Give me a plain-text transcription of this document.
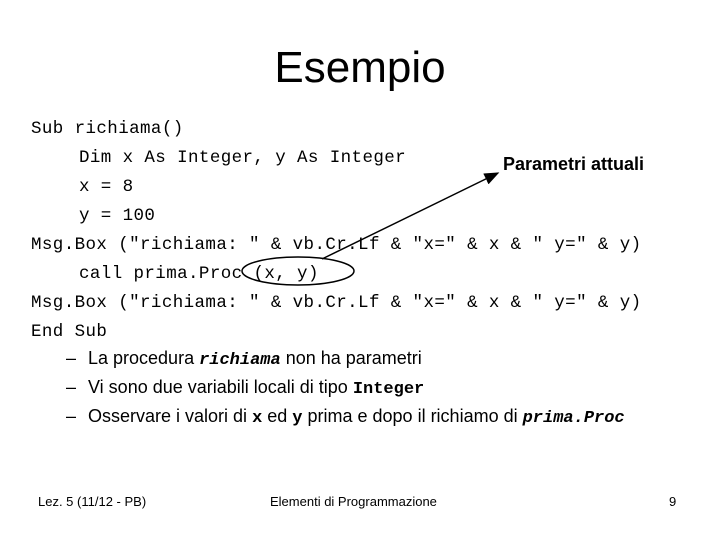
Esempio
Sub richiama()
Dim x As Integer, y As Integer
x = 8
y = 100
Msg.Box ("richiama: " & vb.Cr.Lf & "x=" & x & " y=" & y)
call prima.Proc (x, y)
Msg.Box ("richiama: " & vb.Cr.Lf & "x=" & x & " y=" & y)
End Sub
Parametri attuali
– La procedura richiama non ha parametri
– Vi sono due variabili locali di tipo Integer
– Osservare i valori di x ed y prima e dopo il richiamo di prima.Proc
Lez. 5 (11/12 - PB)	Elementi di Programmazione	9
